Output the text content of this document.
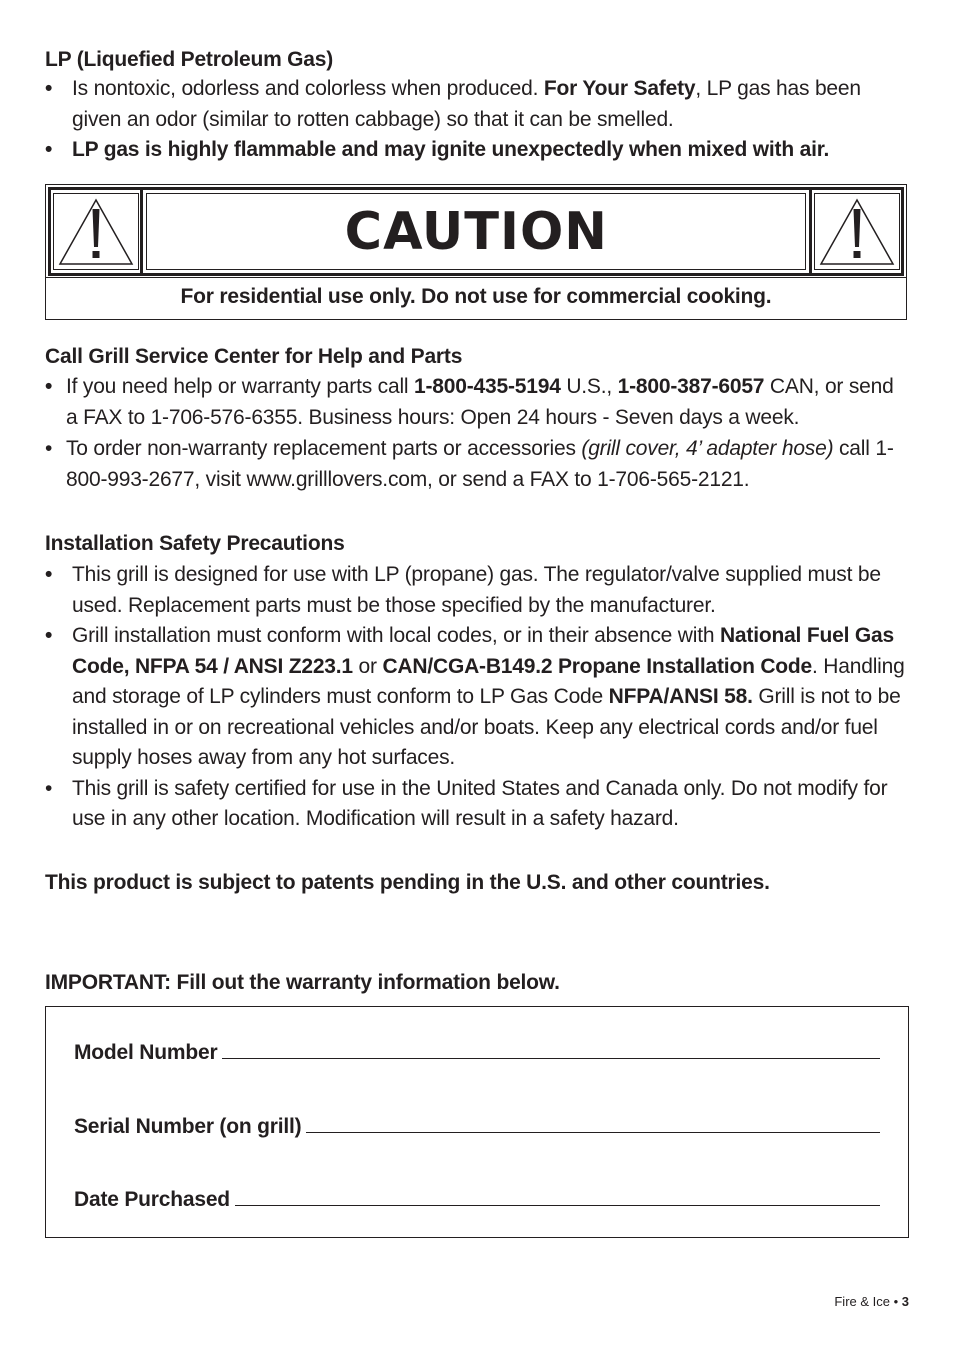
LP (Liquefied Petroleum Gas)
• Is nontoxic, odorless and colorless when produced. For Your Safety, LP gas has been given an odor (similar to rotten cabbage) so that it can be smelled.
• LP gas is highly flammable and may ignite unexpectedly when mixed with air.
CAUTION
For residential use only. Do not use for commercial cooking.
Call Grill Service Center for Help and Parts
• If you need help or warranty parts call 1-800-435-5194 U.S., 1-800-387-6057 CAN, or send a FAX to 1-706-576-6355. Business hours: Open 24 hours - Seven days a week.
• To order non-warranty replacement parts or accessories (grill cover, 4’ adapter hose) call 1-800-993-2677, visit www.grilllovers.com, or send a FAX to 1-706-565-2121.
Installation Safety Precautions
• This grill is designed for use with LP (propane) gas. The regulator/valve supplied must be used. Replacement parts must be those specified by the manufacturer.
• Grill installation must conform with local codes, or in their absence with National Fuel Gas Code, NFPA 54 / ANSI Z223.1 or CAN/CGA-B149.2 Propane Installation Code. Handling and storage of LP cylinders must conform to LP Gas Code NFPA/ANSI 58. Grill is not to be installed in or on recreational vehicles and/or boats. Keep any electrical cords and/or fuel supply hoses away from any hot surfaces.
• This grill is safety certified for use in the United States and Canada only. Do not modify for use in any other location. Modification will result in a safety hazard.
This product is subject to patents pending in the U.S. and other countries.
IMPORTANT: Fill out the warranty information below.
Model Number
Serial Number (on grill)
Date Purchased
Fire & Ice • 3
